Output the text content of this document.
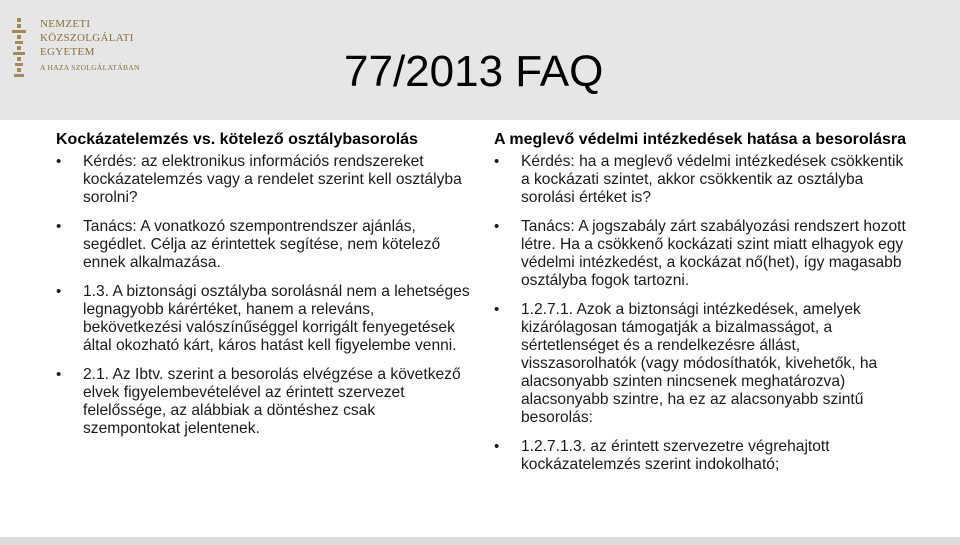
NEMZETI
KÖZSZOLGÁLATI
EGYETEM
A HAZA SZOLGÁLATÁBAN	77/2013 FAQ
Kockázatelemzés vs. kötelező osztálybasorolás
• Kérdés: az elektronikus információs rendszereket kockázatelemzés vagy a rendelet szerint kell osztályba sorolni?
• Tanács: A vonatkozó szempontrendszer ajánlás, segédlet. Célja az érintettek segítése, nem kötelező ennek alkalmazása.
• 1.3. A biztonsági osztályba sorolásnál nem a lehetséges legnagyobb kárértéket, hanem a releváns, bekövetkezési valószínűséggel korrigált fenyegetések által okozható kárt, káros hatást kell figyelembe venni.
• 2.1. Az Ibtv. szerint a besorolás elvégzése a következő elvek figyelembevételével az érintett szervezet felelőssége, az alábbiak a döntéshez csak szempontokat jelentenek.
A meglevő védelmi intézkedések hatása a besorolásra
• Kérdés: ha a meglevő védelmi intézkedések csökkentik a kockázati szintet, akkor csökkentik az osztályba sorolási értéket is?
• Tanács: A jogszabály zárt szabályozási rendszert hozott létre. Ha a csökkenő kockázati szint miatt elhagyok egy védelmi intézkedést, a kockázat nő(het), így magasabb osztályba fogok tartozni.
• 1.2.7.1. Azok a biztonsági intézkedések, amelyek kizárólagosan támogatják a bizalmasságot, a sértetlenséget és a rendelkezésre állást, visszasorolhatók (vagy módosíthatók, kivehetők, ha alacsonyabb szinten nincsenek meghatározva) alacsonyabb szintre, ha ez az alacsonyabb szintű besorolás:
• 1.2.7.1.3. az érintett szervezetre végrehajtott kockázatelemzés szerint indokolható;
